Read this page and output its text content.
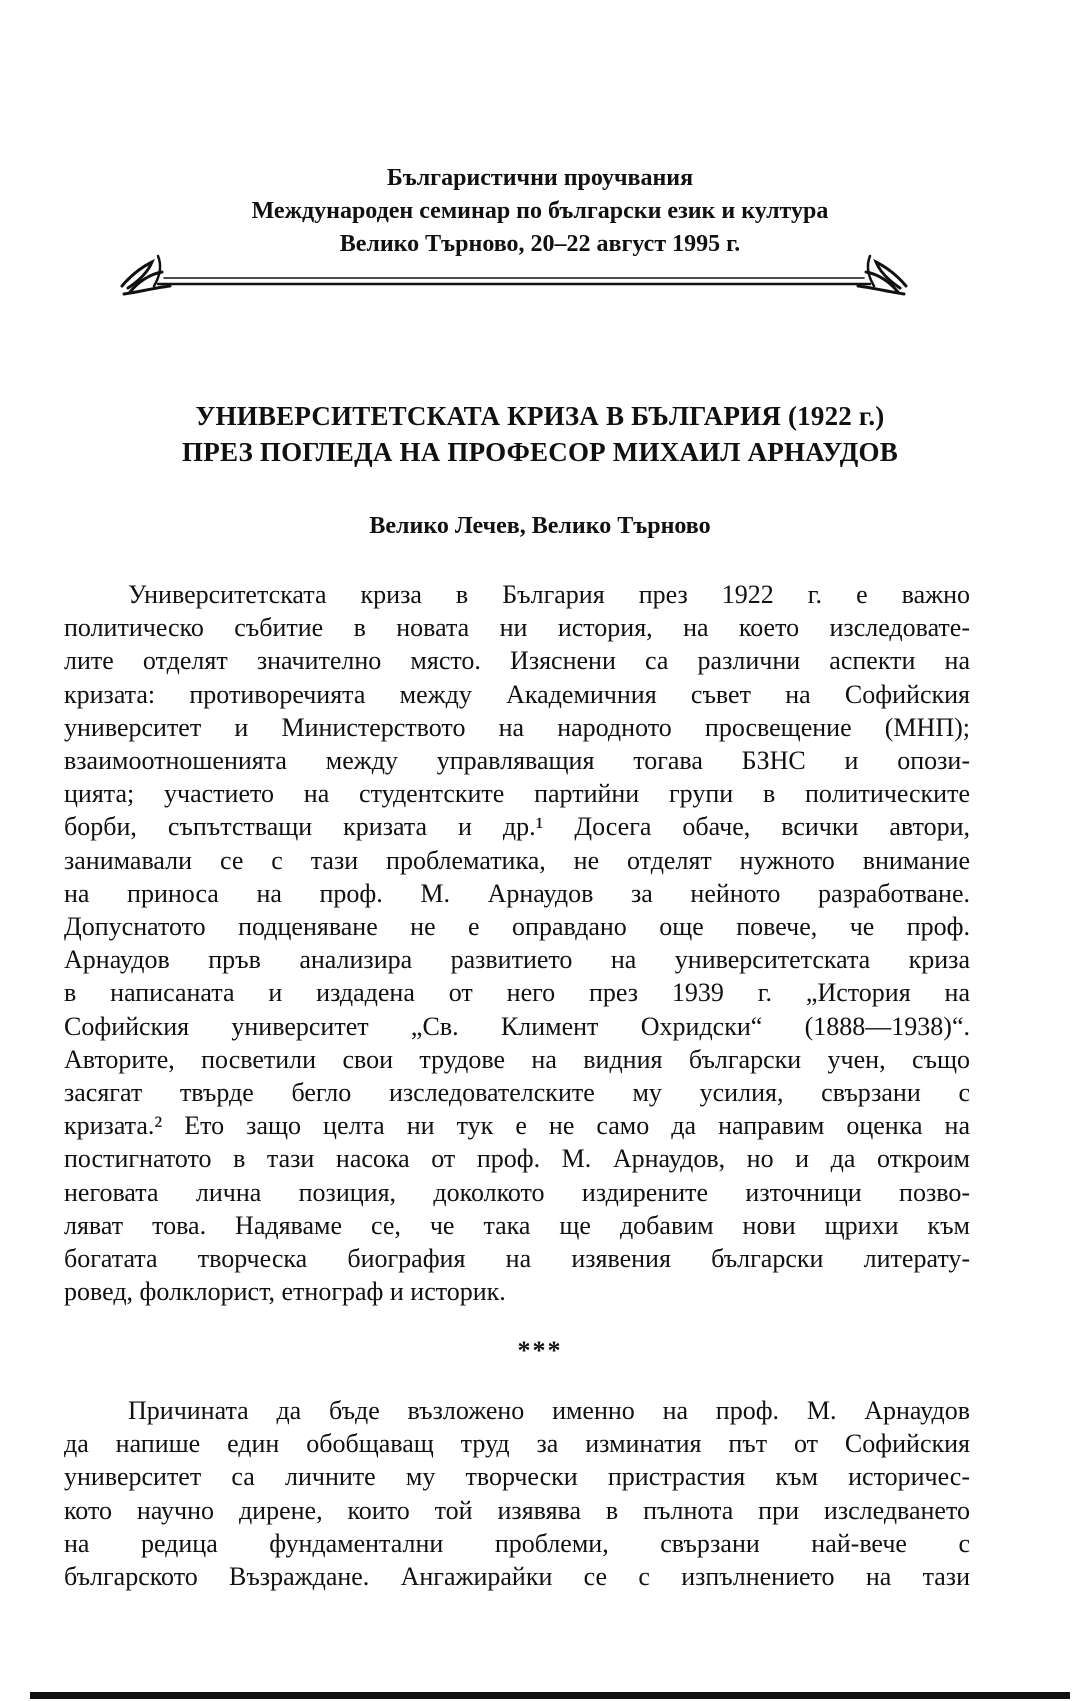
Българистични проучвания
Международен семинар по български език и култура
Велико Търново, 20–22 август 1995 г.
УНИВЕРСИТЕТСКАТА КРИЗА В БЪЛГАРИЯ (1922 г.)
ПРЕЗ ПОГЛЕДА НА ПРОФЕСОР МИХАИЛ АРНАУДОВ
Велико Лечев, Велико Търново
Университетската криза в България през 1922 г. е важно
политическо събитие в новата ни история, на което изследовате-
лите отделят значително място. Изяснени са различни аспекти на
кризата: противоречията между Академичния съвет на Софийския
университет и Министерството на народното просвещение (МНП);
взаимоотношенията между управляващия тогава БЗНС и опози-
цията; участието на студентските партийни групи в политическите
борби, съпътстващи кризата и др.¹ Досега обаче, всички автори,
занимавали се с тази проблематика, не отделят нужното внимание
на приноса на проф. М. Арнаудов за нейното разработване.
Допуснатото подценяване не е оправдано още повече, че проф.
Арнаудов пръв анализира развитието на университетската криза
в написаната и издадена от него през 1939 г. „История на
Софийския университет „Св. Климент Охридски“ (1888—1938)“.
Авторите, посветили свои трудове на видния български учен, също
засягат твърде бегло изследователските му усилия, свързани с
кризата.² Ето защо целта ни тук е не само да направим оценка на
постигнатото в тази насока от проф. М. Арнаудов, но и да откроим
неговата лична позиция, доколкото издирените източници позво-
ляват това. Надяваме се, че така ще добавим нови щрихи към
богатата творческа биография на изявения български литерату-
ровед, фолклорист, етнограф и историк.
***
Причината да бъде възложено именно на проф. М. Арнаудов
да напише един обобщаващ труд за изминатия път от Софийския
университет са личните му творчески пристрастия към историчес-
кото научно дирене, които той изявява в пълнота при изследването
на редица фундаментални проблеми, свързани най-вече с
българското Възраждане. Ангажирайки се с изпълнението на тази
